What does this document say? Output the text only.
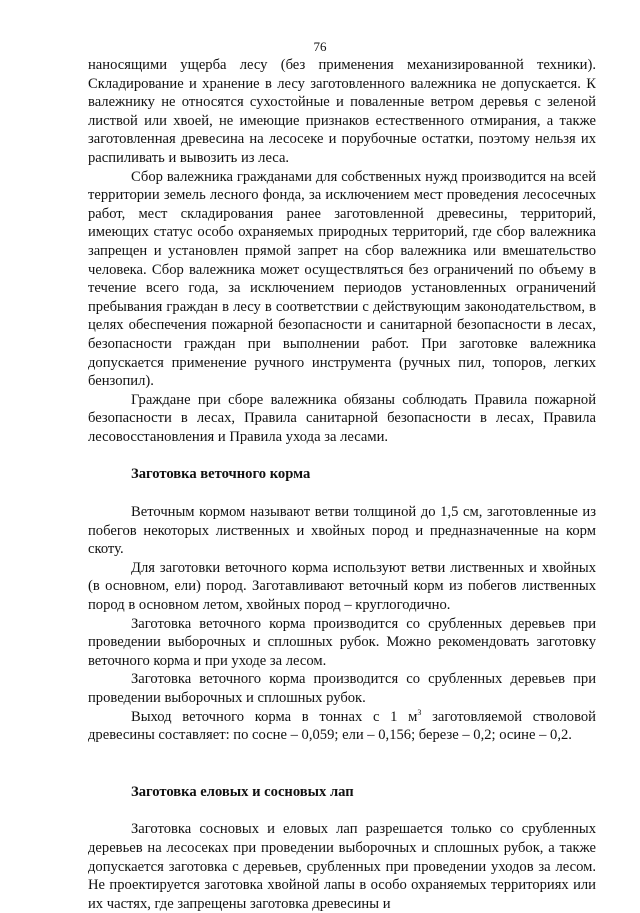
76

наносящими ущерба лесу (без применения механизированной техники). Складирование и хранение в лесу заготовленного валежника не допускается. К валежнику не относятся сухостойные и поваленные ветром деревья с зеленой листвой или хвоей, не имеющие признаков естественного отмирания, а также заготовленная древесина на лесосеке и порубочные остатки, поэтому нельзя их распиливать и вывозить из леса.

Сбор валежника гражданами для собственных нужд производится на всей территории земель лесного фонда, за исключением мест проведения лесосечных работ, мест складирования ранее заготовленной древесины, территорий, имеющих статус особо охраняемых природных территорий, где сбор валежника запрещен и установлен прямой запрет на сбор валежника или вмешательство человека. Сбор валежника может осуществляться без ограничений по объему в течение всего года, за исключением периодов установленных ограничений пребывания граждан в лесу в соответствии с действующим законодательством, в целях обеспечения пожарной безопасности и санитарной безопасности в лесах, безопасности граждан при выполнении работ. При заготовке валежника допускается применение ручного инструмента (ручных пил, топоров, легких бензопил).

Граждане при сборе валежника обязаны соблюдать Правила пожарной безопасности в лесах, Правила санитарной безопасности в лесах, Правила лесовосстановления и Правила ухода за лесами.

Заготовка веточного корма

Веточным кормом называют ветви толщиной до 1,5 см, заготовленные из побегов некоторых лиственных и хвойных пород и предназначенные на корм скоту.

Для заготовки веточного корма используют ветви лиственных и хвойных (в основном, ели) пород. Заготавливают веточный корм из побегов лиственных пород в основном летом, хвойных пород – круглогодично.

Заготовка веточного корма производится со срубленных деревьев при проведении выборочных и сплошных рубок. Можно рекомендовать заготовку веточного корма и при уходе за лесом.

Заготовка веточного корма производится со срубленных деревьев при проведении выборочных и сплошных рубок.

Выход веточного корма в тоннах с 1 $м^3$ заготовляемой стволовой древесины составляет: по сосне – 0,059; ели – 0,156; березе – 0,2; осине – 0,2.

Заготовка еловых и сосновых лап

Заготовка сосновых и еловых лап разрешается только со срубленных деревьев на лесосеках при проведении выборочных и сплошных рубок, а также допускается заготовка с деревьев, срубленных при проведении уходов за лесом. Не проектируется заготовка хвойной лапы в особо охраняемых территориях или их частях, где запрещены заготовка древесины и
